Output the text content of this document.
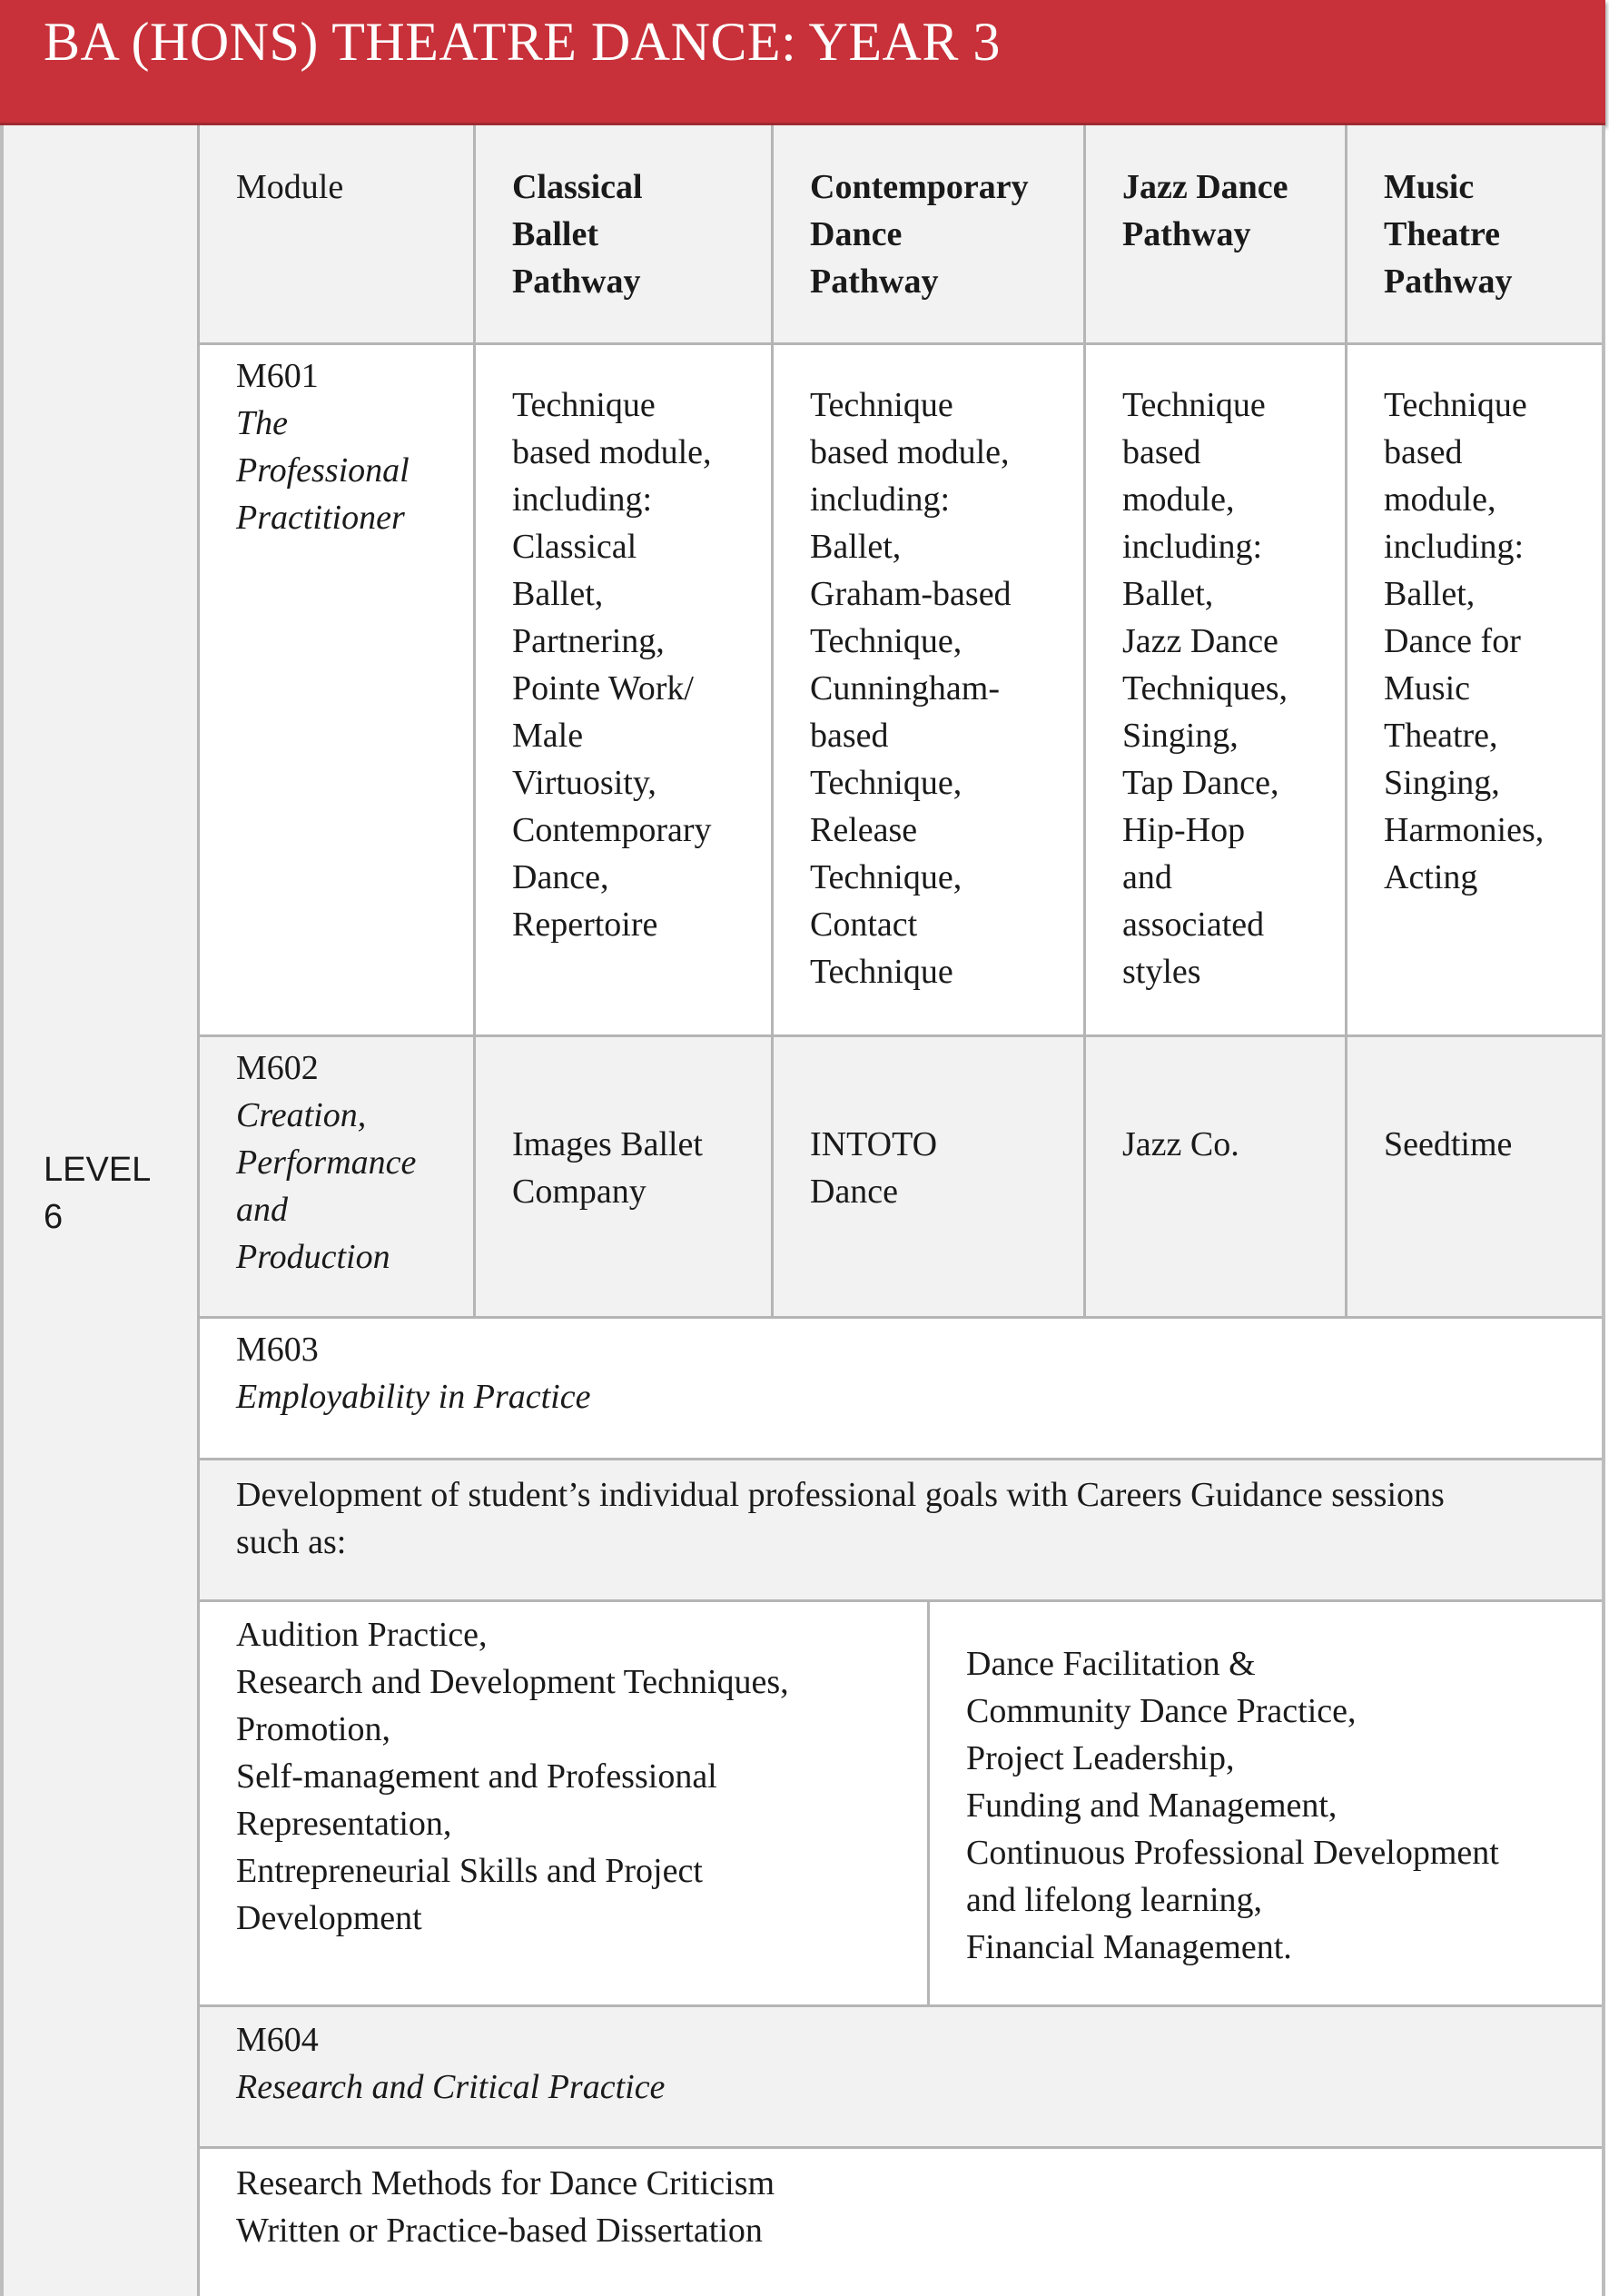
BA (HONS) THEATRE DANCE: YEAR 3
LEVEL
6
Module	Classical
Ballet
Pathway
Contemporary
Dance
Pathway
Jazz Dance
Pathway
Music
Theatre
Pathway
M601
The
Professional
Practitioner
Technique
based module,
including:
Classical
Ballet,
Partnering,
Pointe Work/
Male
Virtuosity,
Contemporary
Dance,
Repertoire
Technique
based module,
including:
Ballet,
Graham-based
Technique,
Cunningham-
based
Technique,
Release
Technique,
Contact
Technique
Technique
based
module,
including:
Ballet,
Jazz Dance
Techniques,
Singing,
Tap Dance,
Hip-Hop
and
associated
styles
Technique
based
module,
including:
Ballet,
Dance for
Music
Theatre,
Singing,
Harmonies,
Acting
M602
Creation,
Performance
and
Production
Images Ballet
Company
INTOTO
Dance
Jazz Co.	Seedtime
M603
Employability in Practice
Development of student’s individual professional goals with Careers Guidance sessions
such as:
Audition Practice,
Research and Development Techniques,
Promotion,
Self-management and Professional
Representation,
Entrepreneurial Skills and Project
Development
Dance Facilitation &
Community Dance Practice,
Project Leadership,
Funding and Management,
Continuous Professional Development
and lifelong learning,
Financial Management.
M604
Research and Critical Practice
Research Methods for Dance Criticism
Written or Practice-based Dissertation
